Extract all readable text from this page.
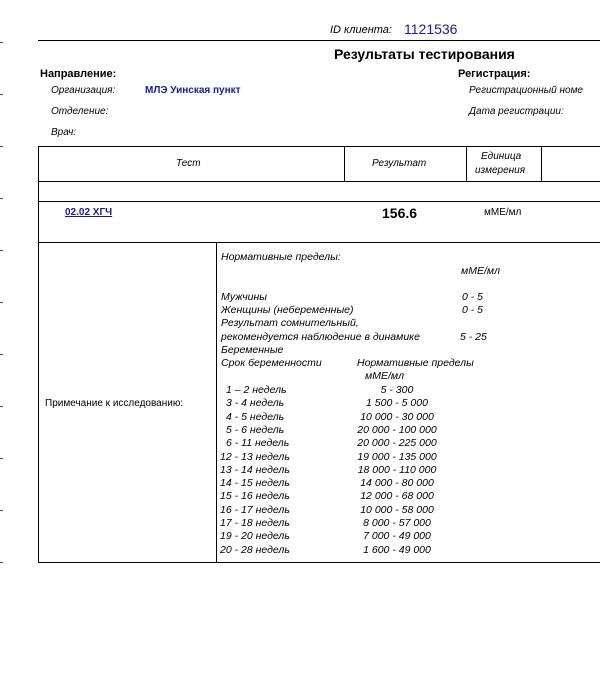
ID клиента: 1121536
Результаты тестирования
Направление:
Организация:	МЛЭ Уинская пункт
Отделение:
Врач:
Регистрация:
Регистрационный номе
Дата регистрации:
Тест	Результат
Единица
измерения
02.02 ХГЧ	156.6	мМЕ/мл
Примечание к исследованию:
Нормативные пределы:
мМЕ/мл
Мужчины	0 - 5
Женщины (небеременные)	0 - 5
Результат сомнительный,
рекомендуется наблюдение в динамике	5 - 25
Беременные
Срок беременности	Нормативные пределы
мМЕ/мл
1 – 2 недель	5 - 300
3 - 4 недель	1 500 - 5 000
4 - 5 недель	10 000 - 30 000
5 - 6 недель	20 000 - 100 000
6 - 11 недель	20 000 - 225 000
12 - 13 недель	19 000 - 135 000
13 - 14 недель	18 000 - 110 000
14 - 15 недель	14 000 - 80 000
15 - 16 недель	12 000 - 68 000
16 - 17 недель	10 000 - 58 000
17 - 18 недель	8 000 - 57 000
19 - 20 недель	7 000 - 49 000
20 - 28 недель	1 600 - 49 000
